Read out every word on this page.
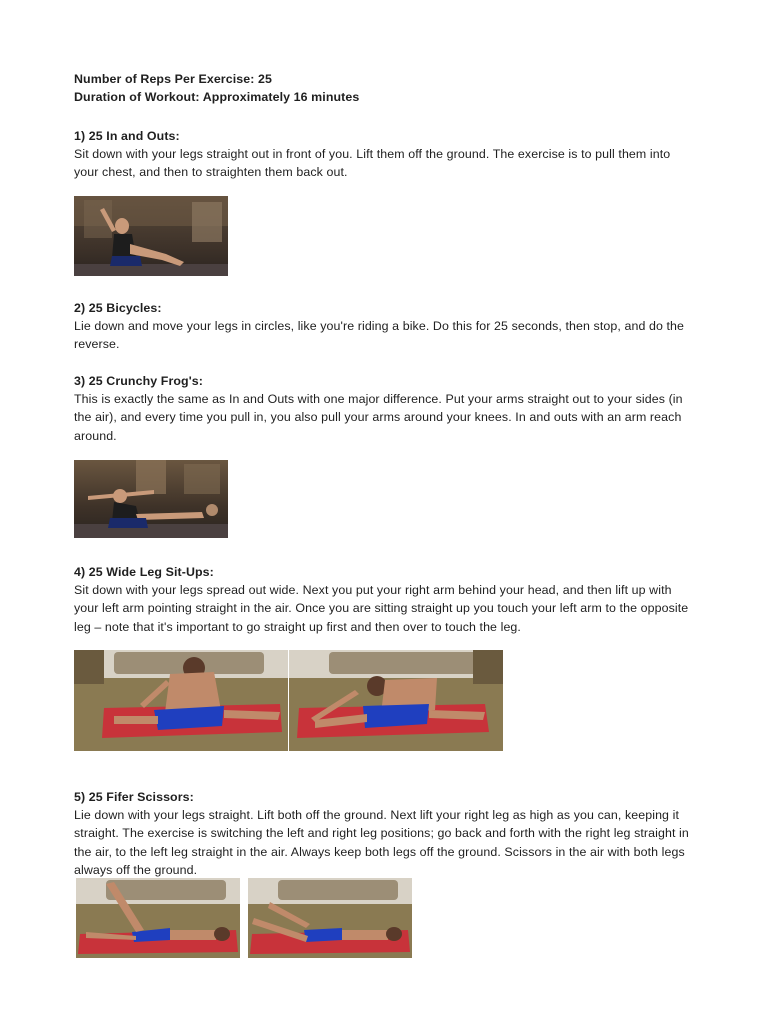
Number of Reps Per Exercise: 25
Duration of Workout: Approximately 16 minutes
1) 25 In and Outs:
Sit down with your legs straight out in front of you. Lift them off the ground. The exercise is to pull them into your chest, and then to straighten them back out.
2) 25 Bicycles:
Lie down and move your legs in circles, like you're riding a bike. Do this for 25 seconds, then stop, and do the reverse.
3) 25 Crunchy Frog's:
This is exactly the same as In and Outs with one major difference. Put your arms straight out to your sides (in the air), and every time you pull in, you also pull your arms around your knees. In and outs with an arm reach around.
4) 25 Wide Leg Sit-Ups:
Sit down with your legs spread out wide. Next you put your right arm behind your head, and then lift up with your left arm pointing straight in the air. Once you are sitting straight up you touch your left arm to the opposite leg – note that it's important to go straight up first and then over to touch the leg.
5) 25 Fifer Scissors:
Lie down with your legs straight. Lift both off the ground. Next lift your right leg as high as you can, keeping it straight. The exercise is switching the left and right leg positions; go back and forth with the right leg straight in the air, to the left leg straight in the air. Always keep both legs off the ground. Scissors in the air with both legs always off the ground.
